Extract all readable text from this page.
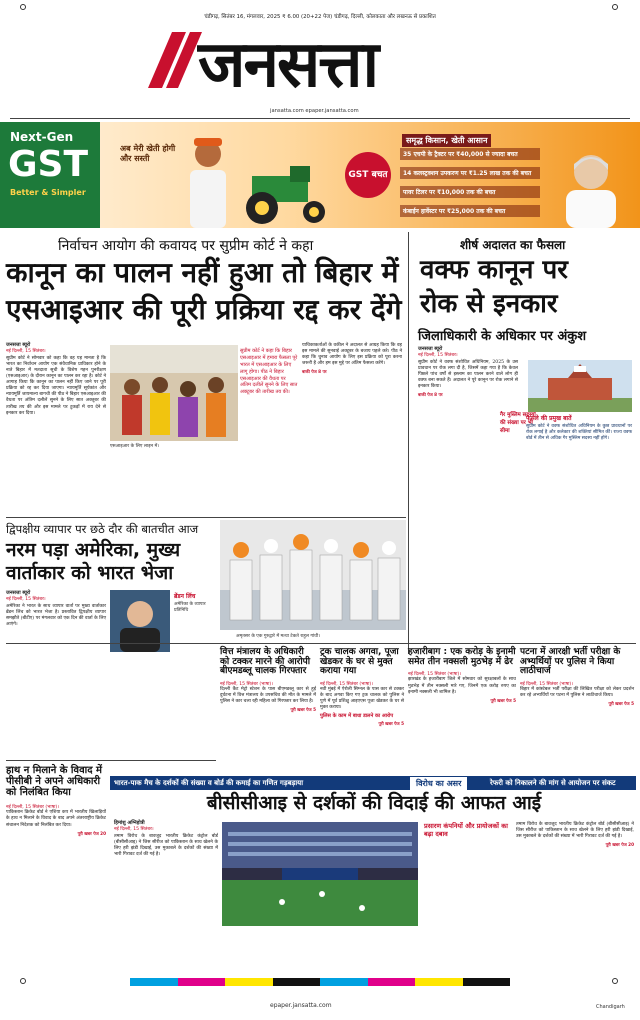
चंडीगढ़, सितंबर 16, मंगलवार, 2025 ₹ 6.00 (20+22 पेज) चंडीगढ़, दिल्ली, कोलकाता और लखनऊ से प्रकाशित
जनसत्ता
jansatta.com epaper.jansatta.com
Next-Gen
GST
Better & Simpler
अब मेरी खेती होगी और सस्ती
GST बचत
समृद्ध किसान, खेती आसान
35 एचपी के ट्रैक्टर पर ₹40,000 से ज्यादा बचत
14 कलस्ट्रक्शन उपकरण पर ₹1.25 लाख तक की बचत
पावर टिलर पर ₹10,000 तक की बचत
कंबाईन हार्वेस्टर पर ₹25,000 तक की बचत
निर्वाचन आयोग की कवायद पर सुप्रीम कोर्ट ने कहा
कानून का पालन नहीं हुआ तो बिहार में
एसआइआर की पूरी प्रक्रिया रद्द कर देंगे
जनसत्ता ब्यूरो
नई दिल्ली, 15 सितंबर।
सुप्रीम कोर्ट ने सोमवार को कहा कि वह यह मानता है कि भारत का निर्वाचन आयोग एक संवैधानिक प्राधिकार होने के नाते बिहार में मतदाता सूची के विशेष गहन पुनरीक्षण (एसआइआर) के दौरान कानून का पालन कर रहा है। कोर्ट ने आगाह किया कि कानून का पालन नहीं किए जाने पर पूरी प्रक्रिया को रद्द कर दिया जाएगा। न्यायमूर्ति सूर्यकांत और न्यायमूर्ति जायमाल्य बागची की पीठ ने बिहार एसआइआर की वैधता पर अंतिम दलीलें सुनने के लिए सात अक्तूबर की तारीख तय की और इस मामले पर टुकड़ों में राय देने से इनकार कर दिया।
एसआइआर के लिए लाइन में।
सुप्रीम कोर्ट ने कहा कि बिहार एसआइआर में हमारा फैसला पूरे भारत में एसआइआर के लिए लागू होगा। पीठ ने बिहार एसआइआर की वैधता पर अंतिम दलीलें सुनने के लिए सात अक्टूबर की तारीख तय की।
याचिकाकर्ताओं के वकील ने अदालत से आग्रह किया कि वह इस मामले की सुनवाई अक्टूबर के बजाय पहले करे। पीठ ने कहा कि चुनाव आयोग के लिए इस प्रक्रिया को पूरा करना जरूरी है और हम इस मुद्दे पर अंतिम फैसला करेंगे।
बाकी पेज 8 पर
शीर्ष अदालत का फैसला
वक्फ कानून पर
रोक से इनकार
जिलाधिकारी के अधिकार पर अंकुश
जनसत्ता ब्यूरो
नई दिल्ली, 15 सितंबर।
सुप्रीम कोर्ट ने वक्फ संशोधित अधिनियम, 2025 के उस प्रावधान पर रोक लगा दी है, जिसमें कहा गया है कि केवल पिछले पांच वर्षों से इस्लाम का पालन करने वाले लोग ही वक्फ बना सकते हैं। अदालत ने पूरे कानून पर रोक लगाने से इनकार किया।
गैर मुस्लिम सदस्यों की संख्या पर भी सीमा
बाकी पेज 8 पर
फैसले की प्रमुख बातें
सुप्रीम कोर्ट ने वक्फ संशोधित अधिनियम के कुछ प्रावधानों पर रोक लगाई है और कलेक्टर की शक्तियां सीमित कीं। राज्य वक्फ बोर्ड में तीन से अधिक गैर मुस्लिम सदस्य नहीं होंगे।
द्विपक्षीय व्यापार पर छठे दौर की बातचीत आज
नरम पड़ा अमेरिका, मुख्य
वार्ताकार को भारत भेजा
जनसत्ता ब्यूरो
नई दिल्ली, 15 सितंबर।
अमेरिका ने भारत के साथ व्यापार वार्ता पर मुख्य वार्ताकार ब्रेंडन लिंच को भारत भेजा है। प्रस्तावित द्विपक्षीय व्यापार समझौते (बीटीए) पर मंगलवार को एक दिन की वार्ता के लिए आएंगे।
ब्रेंडन लिंच
अमेरिका के व्यापार प्रतिनिधि
अमृतसर के एक गुरुद्वारे में मत्था टेकते राहुल गांधी।
वित्त मंत्रालय के अधिकारी को टक्कर मारने की आरोपी बीएमडब्लू चालक गिरफ्तार
नई दिल्ली, 15 सितंबर (भाषा)।
दिल्ली कैंट मेट्रो स्टेशन के पास बीएमडब्लू कार से हुई दुर्घटना में वित्त मंत्रालय के उपसचिव की मौत के मामले में पुलिस ने कार चला रही महिला को गिरफ्तार कर लिया है।
पूरी खबर पेज 5
ट्रक चालक अगवा, पूजा खेडकर के घर से मुक्त कराया गया
नई दिल्ली, 15 सितंबर (भाषा)।
नवी मुंबई में ऐरोली सिग्नल के पास कार से टक्कर के बाद अगवा किए गए ट्रक चालक को पुलिस ने पुणे में पूर्व प्रशिक्षु आइएएस पूजा खेडकर के घर से मुक्त कराया।
पुलिस के काम में बाधा डालने का आरोप
पूरी खबर पेज 5
हजारीबाग : एक करोड़ के इनामी समेत तीन नक्सली मुठभेड़ में ढेर
नई दिल्ली, 15 सितंबर (भाषा)।
झारखंड के हजारीबाग जिले में सोमवार को सुरक्षाबलों के साथ मुठभेड़ में तीन नक्सली मारे गए, जिनमें एक करोड़ रुपए का इनामी नक्सली भी शामिल है।
पूरी खबर पेज 5
पटना में आरक्षी भर्ती परीक्षा के अभ्यर्थियों पर पुलिस ने किया लाठीचार्ज
नई दिल्ली, 15 सितंबर (भाषा)।
बिहार में कांस्टेबल भर्ती परीक्षा की लिखित परीक्षा को लेकर प्रदर्शन कर रहे अभ्यर्थियों पर पटना में पुलिस ने लाठीचार्ज किया।
पूरी खबर पेज 5
हाथ न मिलाने के विवाद में पीसीबी ने अपने अधिकारी को निलंबित किया
नई दिल्ली, 15 सितंबर (भाषा)।
पाकिस्तान क्रिकेट बोर्ड ने एशिया कप में भारतीय खिलाड़ियों के हाथ न मिलाने के विवाद के बाद अपने अंतरराष्ट्रीय क्रिकेट संचालन निदेशक को निलंबित कर दिया।
पूरी खबर पेज 20
भारत-पाक मैच के दर्शकों की संख्या व बोर्ड की कमाई का गणित गड़बड़ाया	विरोध का असर	रेफरी को निकालने की मांग से आयोजन पर संकट
बीसीसीआइ से दर्शकों की विदाई की आफत आई
हिमांशु अग्निहोत्री
नई दिल्ली, 15 सितंबर।
तमाम विरोध के बावजूद भारतीय क्रिकेट कंट्रोल बोर्ड (बीसीसीआइ) ने जिस सीरीज को पाकिस्तान के साथ खेलने के लिए हरी झंडी दिखाई, उस मुकाबले के दर्शकों की संख्या में भारी गिरावट दर्ज की गई है।
प्रसारण कंपनियों और प्रायोजकों का बढ़ा दबाव
तमाम विरोध के बावजूद भारतीय क्रिकेट कंट्रोल बोर्ड (बीसीसीआइ) ने जिस सीरीज को पाकिस्तान के साथ खेलने के लिए हरी झंडी दिखाई, उस मुकाबले के दर्शकों की संख्या में भारी गिरावट दर्ज की गई है।
पूरी खबर पेज 20
epaper.jansatta.com	Chandigarh
